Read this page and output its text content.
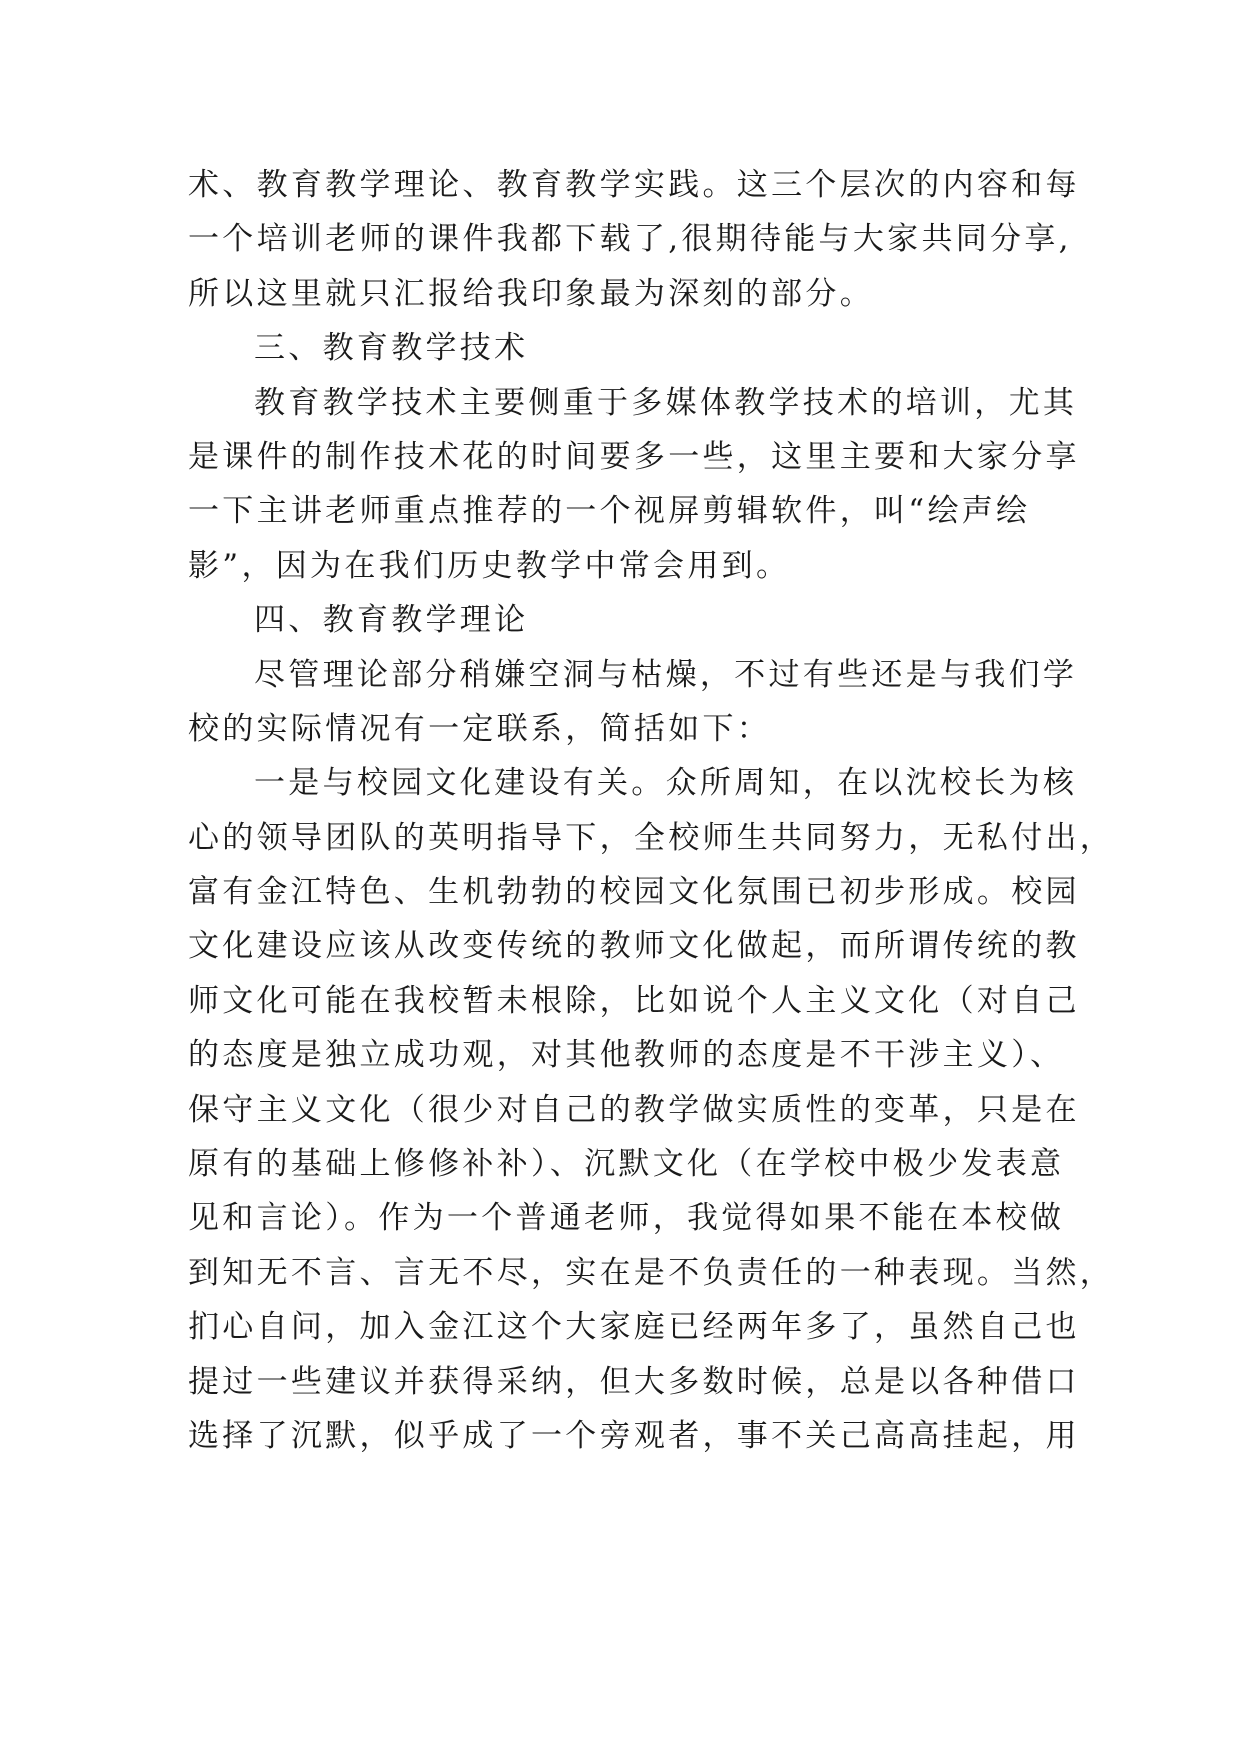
术、教育教学理论、教育教学实践。这三个层次的内容和每

一个培训老师的课件我都下载了,很期待能与大家共同分享,

所以这里就只汇报给我印象最为深刻的部分。

三、教育教学技术

教育教学技术主要侧重于多媒体教学技术的培训，尤其

是课件的制作技术花的时间要多一些，这里主要和大家分享

一下主讲老师重点推荐的一个视屏剪辑软件，叫“绘声绘

影”，因为在我们历史教学中常会用到。

四、教育教学理论

尽管理论部分稍嫌空洞与枯燥，不过有些还是与我们学

校的实际情况有一定联系，简括如下：

一是与校园文化建设有关。众所周知，在以沈校长为核

心的领导团队的英明指导下，全校师生共同努力，无私付出，

富有金江特色、生机勃勃的校园文化氛围已初步形成。校园

文化建设应该从改变传统的教师文化做起，而所谓传统的教

师文化可能在我校暂未根除，比如说个人主义文化（对自己

的态度是独立成功观，对其他教师的态度是不干涉主义）、

保守主义文化（很少对自己的教学做实质性的变革，只是在

原有的基础上修修补补）、沉默文化（在学校中极少发表意

见和言论）。作为一个普通老师，我觉得如果不能在本校做

到知无不言、言无不尽，实在是不负责任的一种表现。当然，

扪心自问，加入金江这个大家庭已经两年多了，虽然自己也

提过一些建议并获得采纳，但大多数时候，总是以各种借口

选择了沉默，似乎成了一个旁观者，事不关己高高挂起，用
